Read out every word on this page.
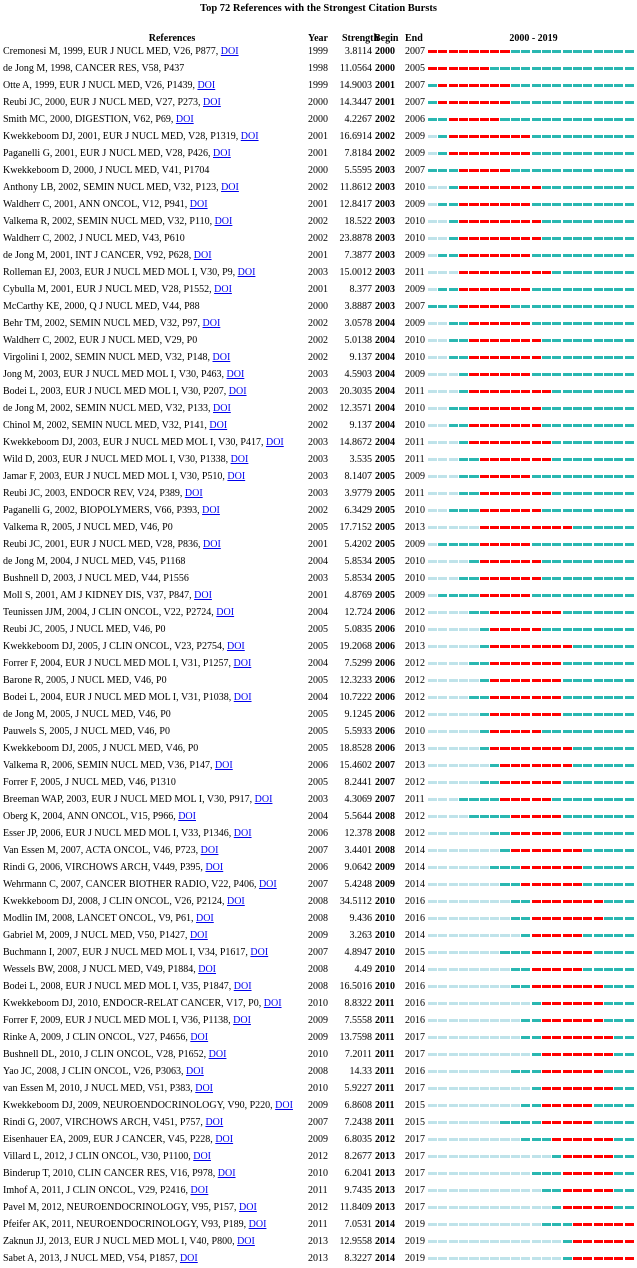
Top 72 References with the Strongest Citation Bursts
References	Year Strength
Begin End	2000 - 2019
Cremonesi M, 1999, EUR J NUCL MED, V26, P877, DOI	1999	3.8114 2000 2007
de Jong M, 1998, CANCER RES, V58, P437	1998 11.0564 2000 2005
Otte A, 1999, EUR J NUCL MED, V26, P1439, DOI	1999 14.9003 2001 2007
Reubi JC, 2000, EUR J NUCL MED, V27, P273, DOI	2000 14.3447 2001 2007
Smith MC, 2000, DIGESTION, V62, P69, DOI	2000	4.2267 2002 2006
Kwekkeboom DJ, 2001, EUR J NUCL MED, V28, P1319, DOI	2001 16.6914 2002 2009
Paganelli G, 2001, EUR J NUCL MED, V28, P426, DOI	2001	7.8184 2002 2009
Kwekkeboom D, 2000, J NUCL MED, V41, P1704	2000	5.5595 2003 2007
Anthony LB, 2002, SEMIN NUCL MED, V32, P123, DOI	2002 11.8612 2003 2010
Waldherr C, 2001, ANN ONCOL, V12, P941, DOI	2001 12.8417 2003 2009
Valkema R, 2002, SEMIN NUCL MED, V32, P110, DOI	2002	18.522 2003 2010
Waldherr C, 2002, J NUCL MED, V43, P610	2002 23.8878 2003 2010
de Jong M, 2001, INT J CANCER, V92, P628, DOI	2001	7.3877 2003 2009
Rolleman EJ, 2003, EUR J NUCL MED MOL I, V30, P9, DOI	2003 15.0012 2003 2011
Cybulla M, 2001, EUR J NUCL MED, V28, P1552, DOI	2001	8.377 2003 2009
McCarthy KE, 2000, Q J NUCL MED, V44, P88	2000	3.8887 2003 2007
Behr TM, 2002, SEMIN NUCL MED, V32, P97, DOI	2002	3.0578 2004 2009
Waldherr C, 2002, EUR J NUCL MED, V29, P0	2002	5.0138 2004 2010
Virgolini I, 2002, SEMIN NUCL MED, V32, P148, DOI	2002	9.137 2004 2010
Jong M, 2003, EUR J NUCL MED MOL I, V30, P463, DOI	2003	4.5903 2004 2009
Bodei L, 2003, EUR J NUCL MED MOL I, V30, P207, DOI	2003 20.3035 2004 2011
de Jong M, 2002, SEMIN NUCL MED, V32, P133, DOI	2002 12.3571 2004 2010
Chinol M, 2002, SEMIN NUCL MED, V32, P141, DOI	2002	9.137 2004 2010
Kwekkeboom DJ, 2003, EUR J NUCL MED MOL I, V30, P417, DOI 2003 14.8672 2004 2011
Wild D, 2003, EUR J NUCL MED MOL I, V30, P1338, DOI	2003	3.535 2005 2011
Jamar F, 2003, EUR J NUCL MED MOL I, V30, P510, DOI	2003	8.1407 2005 2009
Reubi JC, 2003, ENDOCR REV, V24, P389, DOI	2003	3.9779 2005 2011
Paganelli G, 2002, BIOPOLYMERS, V66, P393, DOI	2002	6.3429 2005 2010
Valkema R, 2005, J NUCL MED, V46, P0	2005 17.7152 2005 2013
Reubi JC, 2001, EUR J NUCL MED, V28, P836, DOI	2001	5.4202 2005 2009
de Jong M, 2004, J NUCL MED, V45, P1168	2004	5.8534 2005 2010
Bushnell D, 2003, J NUCL MED, V44, P1556	2003	5.8534 2005 2010
Moll S, 2001, AM J KIDNEY DIS, V37, P847, DOI	2001	4.8769 2005 2009
Teunissen JJM, 2004, J CLIN ONCOL, V22, P2724, DOI	2004	12.724 2006 2012
Reubi JC, 2005, J NUCL MED, V46, P0	2005	5.0835 2006 2010
Kwekkeboom DJ, 2005, J CLIN ONCOL, V23, P2754, DOI	2005 19.2068 2006 2013
Forrer F, 2004, EUR J NUCL MED MOL I, V31, P1257, DOI	2004	7.5299 2006 2012
Barone R, 2005, J NUCL MED, V46, P0	2005 12.3233 2006 2012
Bodei L, 2004, EUR J NUCL MED MOL I, V31, P1038, DOI	2004 10.7222 2006 2012
de Jong M, 2005, J NUCL MED, V46, P0	2005	9.1245 2006 2012
Pauwels S, 2005, J NUCL MED, V46, P0	2005	5.5933 2006 2010
Kwekkeboom DJ, 2005, J NUCL MED, V46, P0	2005 18.8528 2006 2013
Valkema R, 2006, SEMIN NUCL MED, V36, P147, DOI	2006 15.4602 2007 2013
Forrer F, 2005, J NUCL MED, V46, P1310	2005	8.2441 2007 2012
Breeman WAP, 2003, EUR J NUCL MED MOL I, V30, P917, DOI	2003	4.3069 2007 2011
Oberg K, 2004, ANN ONCOL, V15, P966, DOI	2004	5.5644 2008 2012
Esser JP, 2006, EUR J NUCL MED MOL I, V33, P1346, DOI	2006	12.378 2008 2012
Van Essen M, 2007, ACTA ONCOL, V46, P723, DOI	2007	3.4401 2008 2014
Rindi G, 2006, VIRCHOWS ARCH, V449, P395, DOI	2006	9.0642 2009 2014
Wehrmann C, 2007, CANCER BIOTHER RADIO, V22, P406, DOI	2007	5.4248 2009 2014
Kwekkeboom DJ, 2008, J CLIN ONCOL, V26, P2124, DOI	2008 34.5112 2010 2016
Modlin IM, 2008, LANCET ONCOL, V9, P61, DOI	2008	9.436 2010 2016
Gabriel M, 2009, J NUCL MED, V50, P1427, DOI	2009	3.263 2010 2014
Buchmann I, 2007, EUR J NUCL MED MOL I, V34, P1617, DOI	2007	4.8947 2010 2015
Wessels BW, 2008, J NUCL MED, V49, P1884, DOI	2008	4.49 2010 2014
Bodei L, 2008, EUR J NUCL MED MOL I, V35, P1847, DOI	2008 16.5016 2010 2016
Kwekkeboom DJ, 2010, ENDOCR-RELAT CANCER, V17, P0, DOI	2010	8.8322 2011 2016
Forrer F, 2009, EUR J NUCL MED MOL I, V36, P1138, DOI	2009	7.5558 2011 2016
Rinke A, 2009, J CLIN ONCOL, V27, P4656, DOI	2009 13.7598 2011 2017
Bushnell DL, 2010, J CLIN ONCOL, V28, P1652, DOI	2010	7.2011 2011 2017
Yao JC, 2008, J CLIN ONCOL, V26, P3063, DOI	2008	14.33 2011 2016
van Essen M, 2010, J NUCL MED, V51, P383, DOI	2010	5.9227 2011 2017
Kwekkeboom DJ, 2009, NEUROENDOCRINOLOGY, V90, P220, DOI 2009	6.8608 2011 2015
Rindi G, 2007, VIRCHOWS ARCH, V451, P757, DOI	2007	7.2438 2011 2015
Eisenhauer EA, 2009, EUR J CANCER, V45, P228, DOI	2009	6.8035 2012 2017
Villard L, 2012, J CLIN ONCOL, V30, P1100, DOI	2012	8.2677 2013 2017
Binderup T, 2010, CLIN CANCER RES, V16, P978, DOI	2010	6.2041 2013 2017
Imhof A, 2011, J CLIN ONCOL, V29, P2416, DOI	2011	9.7435 2013 2017
Pavel M, 2012, NEUROENDOCRINOLOGY, V95, P157, DOI	2012 11.8409 2013 2017
Pfeifer AK, 2011, NEUROENDOCRINOLOGY, V93, P189, DOI	2011	7.0531 2014 2019
Zaknun JJ, 2013, EUR J NUCL MED MOL I, V40, P800, DOI	2013 12.9558 2014 2019
Sabet A, 2013, J NUCL MED, V54, P1857, DOI	2013	8.3227 2014 2019
